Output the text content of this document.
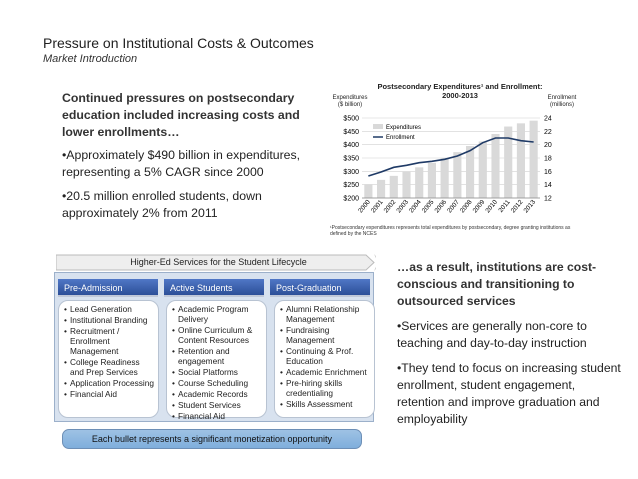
Pressure on Institutional Costs & Outcomes
Market Introduction
Continued pressures on postsecondary education included increasing costs and lower enrollments…
•Approximately $490 billion in expenditures, representing a 5% CAGR since 2000
•20.5 million enrolled students, down approximately 2% from 2011
Postsecondary Expenditures¹ and Enrollment:
2000-2013
Expenditures ($ billion)
Enrollment (millions)
$200
$250
$300
$350
$400
$450
$500
12
14
16
18
20
22
24
2000
2001
2002
2003
2004
2005
2006
2007
2008
2009
2010
2011
2012
2013
Expenditures
Enrollment
¹Postsecondary expenditures represents total expenditures by postsecondary, degree granting institutions as defined by the NCES
Higher-Ed Services for the Student Lifecycle
Pre-Admission	Active Students	Post-Graduation
• Lead Generation
• Institutional Branding
• Recruitment / Enrollment Management
• College Readiness and Prep Services
• Application Processing
• Financial Aid
• Academic Program Delivery
• Online Curriculum & Content Resources
• Retention and engagement
• Social Platforms
• Course Scheduling
• Academic Records
• Student Services
• Financial Aid
• Alumni Relationship Management
• Fundraising Management
• Continuing & Prof. Education
• Academic Enrichment
• Pre-hiring skills credentialing
• Skills Assessment
Each bullet represents a significant monetization opportunity
…as a result, institutions are cost-conscious and transitioning to outsourced services
•Services are generally non-core to teaching and day-to-day instruction
•They tend to focus on increasing student enrollment, student engagement, retention and improve graduation and employability
